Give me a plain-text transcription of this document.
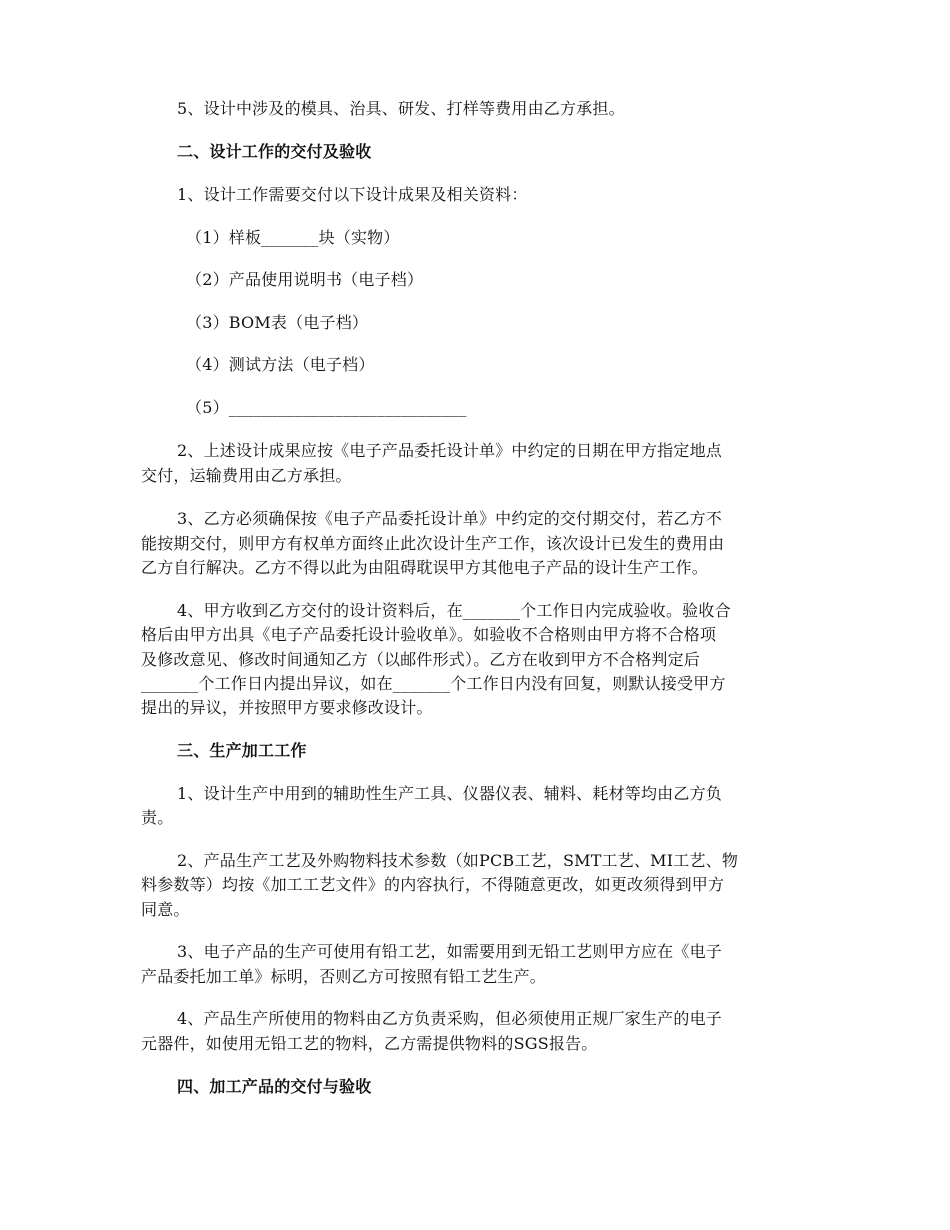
5、设计中涉及的模具、治具、研发、打样等费用由乙方承担。
二、设计工作的交付及验收
1、设计工作需要交付以下设计成果及相关资料：
（1）样板_______块（实物）
（2）产品使用说明书（电子档）
（3）BOM表（电子档）
（4）测试方法（电子档）
（5）_____________________________
2、上述设计成果应按《电子产品委托设计单》中约定的日期在甲方指定地点
交付，运输费用由乙方承担。
3、乙方必须确保按《电子产品委托设计单》中约定的交付期交付，若乙方不
能按期交付，则甲方有权单方面终止此次设计生产工作，该次设计已发生的费用由
乙方自行解决。乙方不得以此为由阻碍耽误甲方其他电子产品的设计生产工作。
4、甲方收到乙方交付的设计资料后，在_______个工作日内完成验收。验收合
格后由甲方出具《电子产品委托设计验收单》。如验收不合格则由甲方将不合格项
及修改意见、修改时间通知乙方（以邮件形式）。乙方在收到甲方不合格判定后
_______个工作日内提出异议，如在_______个工作日内没有回复，则默认接受甲方
提出的异议，并按照甲方要求修改设计。
三、生产加工工作
1、设计生产中用到的辅助性生产工具、仪器仪表、辅料、耗材等均由乙方负
责。
2、产品生产工艺及外购物料技术参数（如PCB工艺，SMT工艺、MI工艺、物
料参数等）均按《加工工艺文件》的内容执行，不得随意更改，如更改须得到甲方
同意。
3、电子产品的生产可使用有铅工艺，如需要用到无铅工艺则甲方应在《电子
产品委托加工单》标明，否则乙方可按照有铅工艺生产。
4、产品生产所使用的物料由乙方负责采购，但必须使用正规厂家生产的电子
元器件，如使用无铅工艺的物料，乙方需提供物料的SGS报告。
四、加工产品的交付与验收
